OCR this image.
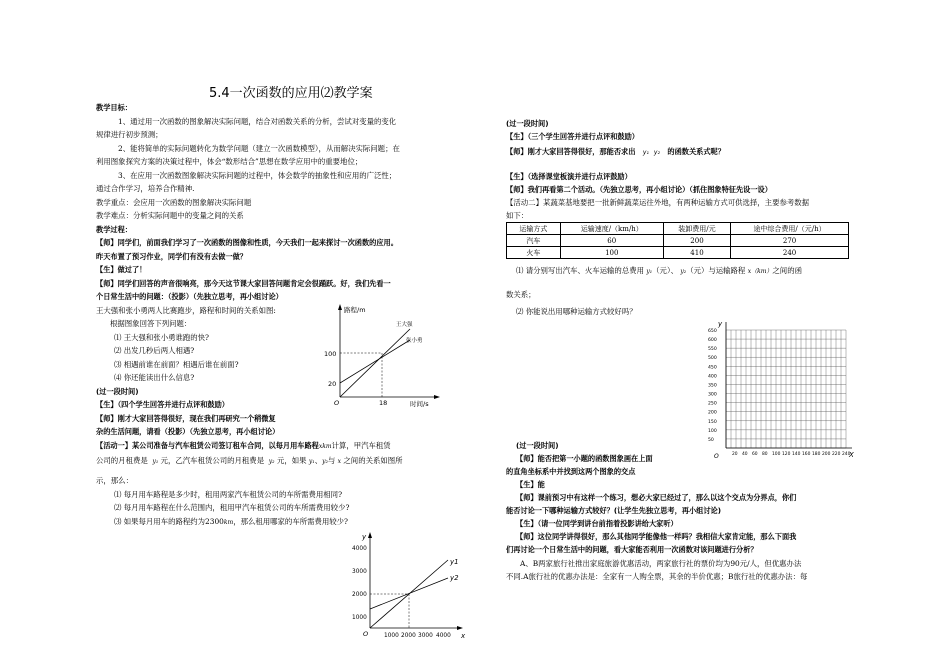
5.4一次函数的应用⑵教学案
教学目标：
1、通过用一次函数的图象解决实际问题，结合对函数关系的分析，尝试对变量的变化
规律进行初步预测；
2、能将简单的实际问题转化为数学问题（建立一次函数模型），从而解决实际问题；在
利用图象探究方案的决策过程中，体会“数形结合”思想在数学应用中的重要地位；
3、在应用一次函数图象解决实际问题的过程中，体会数学的抽象性和应用的广泛性；
通过合作学习，培养合作精神.
教学重点：会应用一次函数的图象解决实际问题
教学难点：分析实际问题中的变量之间的关系
教学过程：
【师】同学们，前面我们学习了一次函数的图像和性质，今天我们一起来探讨一次函数的应用。
昨天布置了预习作业，同学们有没有去做一做？
【生】做过了！
【师】同学们回答的声音很响亮，那今天这节课大家回答问题肯定会很踊跃。好，我们先看一
个日常生活中的问题：（投影）（先独立思考，再小组讨论）
王大强和张小勇两人比赛跑步，路程和时间的关系如图:
根据图象回答下列问题：
⑴ 王大强和张小勇谁跑的快?
⑵ 出发几秒后两人相遇?
⑶ 相遇前谁在前面？相遇后谁在前面?
⑷ 你还能读出什么信息?
(过一段时间)
【生】（四个学生回答并进行点评和鼓励）
【师】刚才大家回答得很好，现在我们再研究一个稍微复
杂的生活问题，请看（投影）（先独立思考，再小组讨论）
【活动一】某公司准备与汽车租赁公司签订租车合同，以每月用车路程xkm计算，甲汽车租赁
公司的月租费是 y₁ 元，乙汽车租赁公司的月租费是 y₂ 元，如果 y₁、y₂与 x 之间的关系如图所
示，那么：
⑴ 每月用车路程是多少时，租用两家汽车租赁公司的车所需费用相同?
⑵ 每月用车路程在什么范围内，租用甲汽车租赁公司的车所需费用较少?
⑶ 如果每月用车的路程约为2300km，那么租用哪家的车所需费用较少?
路程/m
时间/s
O
100
20
18
王大强
张小勇
y
x
O
4000
3000
2000
1000
1000 2000 3000 4000
y1
y2
(过一段时间)
【生】（三个学生回答并进行点评和鼓励）
【师】刚才大家回答得很好，那能否求出 y₁ y₂ 的函数关系式呢？
【生】（选择课堂板演并进行点评鼓励）
【师】我们再看第二个活动。（先独立思考，再小组讨论）（抓住图象特征先设一设）
【活动二】某蔬菜基地要把一批新鲜蔬菜运往外地，有两种运输方式可供选择，主要参考数据
如下：
运输方式	运输速度/（km/h）	装卸费用/元	途中综合费用/（元/h）
汽车	60	200	270
火车	100	410	240
⑴ 请分别写出汽车、火车运输的总费用 y₁（元）、 y₂（元）与运输路程 x（km）之间的函
数关系；
⑵ 你能说出用哪种运输方式较好吗？
(过一段时间)
【师】能否把第一小题的函数图象画在上面
的直角坐标系中并找到这两个图象的交点
【生】能
【师】课前预习中有这样一个练习，想必大家已经过了，那么以这个交点为分界点，你们
能否讨论一下哪种运输方式较好？(让学生先独立思考，再小组讨论)
【生】（请一位同学到讲台前指着投影讲给大家听）
【师】这位同学讲得很好，那么其他同学能像他一样吗？我相信大家肯定能，那么下面我
们再讨论一个日常生活中的问题，看大家能否利用一次函数对该问题进行分析？
A、B两家旅行社推出家庭旅游优惠活动，两家旅行社的票价均为90元/人，但优惠办法
不同.A旅行社的优惠办法是：全家有一人购全票，其余的半价优惠；B旅行社的优惠办法：每
y
X
O
650
600
550
500
450
400
350
300
250
200
150
100
50
20 40 60 80 100 120 140 160 180 200 220 240
